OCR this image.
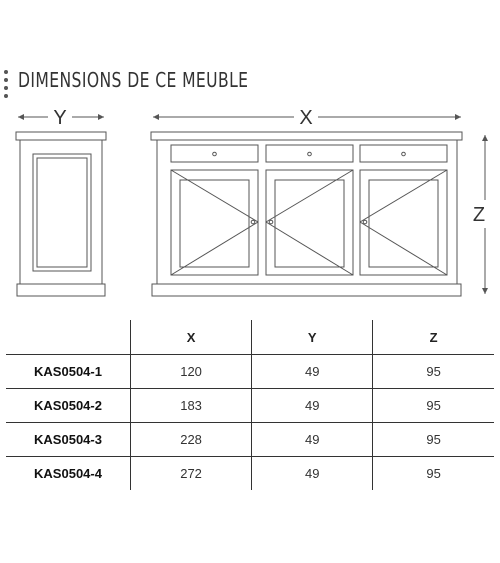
DIMENSIONS DE CE MEUBLE
Y	X
Z
	X	Y	Z
KAS0504-1	120	49	95
KAS0504-2	183	49	95
KAS0504-3	228	49	95
KAS0504-4	272	49	95
